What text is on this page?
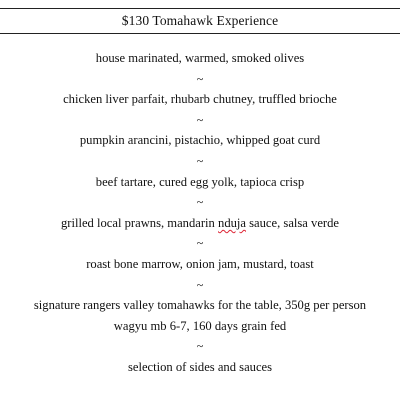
$130 Tomahawk Experience
house marinated, warmed, smoked olives
~
chicken liver parfait, rhubarb chutney, truffled brioche
~
pumpkin arancini, pistachio, whipped goat curd
~
beef tartare, cured egg yolk, tapioca crisp
~
grilled local prawns, mandarin nduja sauce, salsa verde
~
roast bone marrow, onion jam, mustard, toast
~
signature rangers valley tomahawks for the table, 350g per person
wagyu mb 6-7, 160 days grain fed
~
selection of sides and sauces
